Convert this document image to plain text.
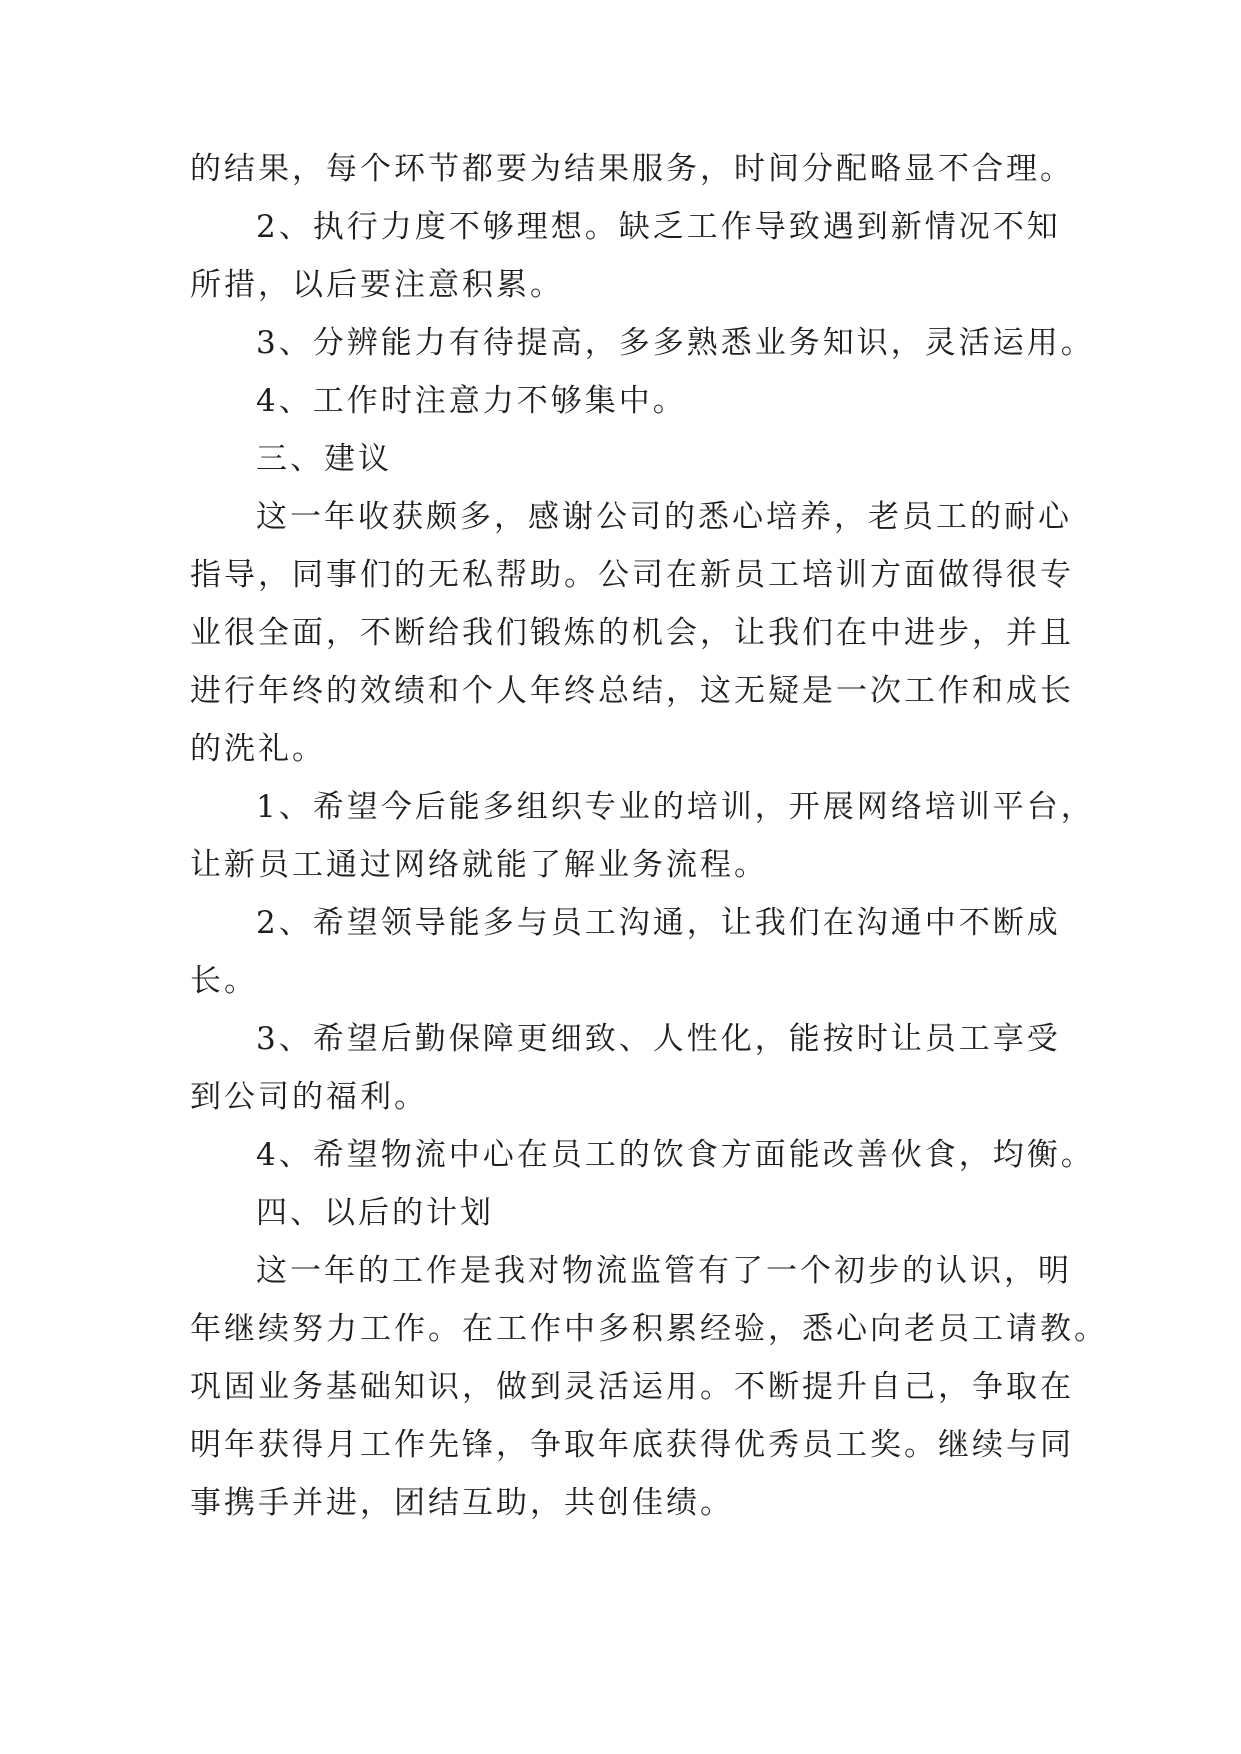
的结果，每个环节都要为结果服务，时间分配略显不合理。
2、执行力度不够理想。缺乏工作导致遇到新情况不知
所措，以后要注意积累。
3、分辨能力有待提高，多多熟悉业务知识，灵活运用。
4、工作时注意力不够集中。
三、建议
这一年收获颇多，感谢公司的悉心培养，老员工的耐心
指导，同事们的无私帮助。公司在新员工培训方面做得很专
业很全面，不断给我们锻炼的机会，让我们在中进步，并且
进行年终的效绩和个人年终总结，这无疑是一次工作和成长
的洗礼。
1、希望今后能多组织专业的培训，开展网络培训平台，
让新员工通过网络就能了解业务流程。
2、希望领导能多与员工沟通，让我们在沟通中不断成
长。
3、希望后勤保障更细致、人性化，能按时让员工享受
到公司的福利。
4、希望物流中心在员工的饮食方面能改善伙食，均衡。
四、以后的计划
这一年的工作是我对物流监管有了一个初步的认识，明
年继续努力工作。在工作中多积累经验，悉心向老员工请教。
巩固业务基础知识，做到灵活运用。不断提升自己，争取在
明年获得月工作先锋，争取年底获得优秀员工奖。继续与同
事携手并进，团结互助，共创佳绩。
